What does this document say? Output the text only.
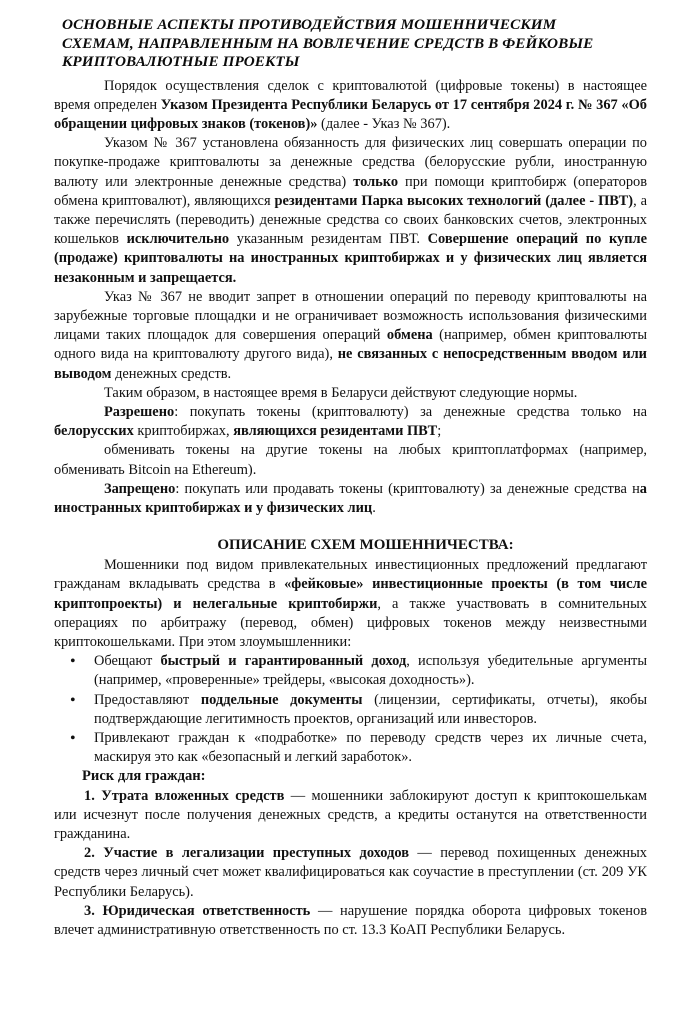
ОСНОВНЫЕ АСПЕКТЫ ПРОТИВОДЕЙСТВИЯ МОШЕННИЧЕСКИМ
СХЕМАМ, НАПРАВЛЕННЫМ НА ВОВЛЕЧЕНИЕ СРЕДСТВ В ФЕЙКОВЫЕ
КРИПТОВАЛЮТНЫЕ ПРОЕКТЫ

Порядок осуществления сделок с криптовалютой (цифровые токены) в настоящее время определен Указом Президента Республики Беларусь от 17 сентября 2024 г. № 367 «Об обращении цифровых знаков (токенов)» (далее - Указ № 367).

Указом № 367 установлена обязанность для физических лиц совершать операции по покупке-продаже криптовалюты за денежные средства (белорусские рубли, иностранную валюту или электронные денежные средства) только при помощи криптобирж (операторов обмена криптовалют), являющихся резидентами Парка высоких технологий (далее - ПВТ), а также перечислять (переводить) денежные средства со своих банковских счетов, электронных кошельков исключительно указанным резидентам ПВТ. Совершение операций по купле (продаже) криптовалюты на иностранных криптобиржах и у физических лиц является незаконным и запрещается.

Указ № 367 не вводит запрет в отношении операций по переводу криптовалюты на зарубежные торговые площадки и не ограничивает возможность использования физическими лицами таких площадок для совершения операций обмена (например, обмен криптовалюты одного вида на криптовалюту другого вида), не связанных с непосредственным вводом или выводом денежных средств.

Таким образом, в настоящее время в Беларуси действуют следующие нормы.

Разрешено: покупать токены (криптовалюту) за денежные средства только на белорусских криптобиржах, являющихся резидентами ПВТ;

обменивать токены на другие токены на любых криптоплатформах (например, обменивать Bitcoin на Ethereum).

Запрещено: покупать или продавать токены (криптовалюту) за денежные средства на иностранных криптобиржах и у физических лиц.

ОПИСАНИЕ СХЕМ МОШЕННИЧЕСТВА:

Мошенники под видом привлекательных инвестиционных предложений предлагают гражданам вкладывать средства в «фейковые» инвестиционные проекты (в том числе криптопроекты) и нелегальные криптобиржи, а также участвовать в сомнительных операциях по арбитражу (перевод, обмен) цифровых токенов между неизвестными криптокошельками. При этом злоумышленники:

• Обещают быстрый и гарантированный доход, используя убедительные аргументы (например, «проверенные» трейдеры, «высокая доходность»).
• Предоставляют поддельные документы (лицензии, сертификаты, отчеты), якобы подтверждающие легитимность проектов, организаций или инвесторов.
• Привлекают граждан к «подработке» по переводу средств через их личные счета, маскируя это как «безопасный и легкий заработок».

Риск для граждан:

1. Утрата вложенных средств — мошенники заблокируют доступ к криптокошелькам или исчезнут после получения денежных средств, а кредиты останутся на ответственности гражданина.

2. Участие в легализации преступных доходов — перевод похищенных денежных средств через личный счет может квалифицироваться как соучастие в преступлении (ст. 209 УК Республики Беларусь).

3. Юридическая ответственность — нарушение порядка оборота цифровых токенов влечет административную ответственность по ст. 13.3 КоАП Республики Беларусь.
